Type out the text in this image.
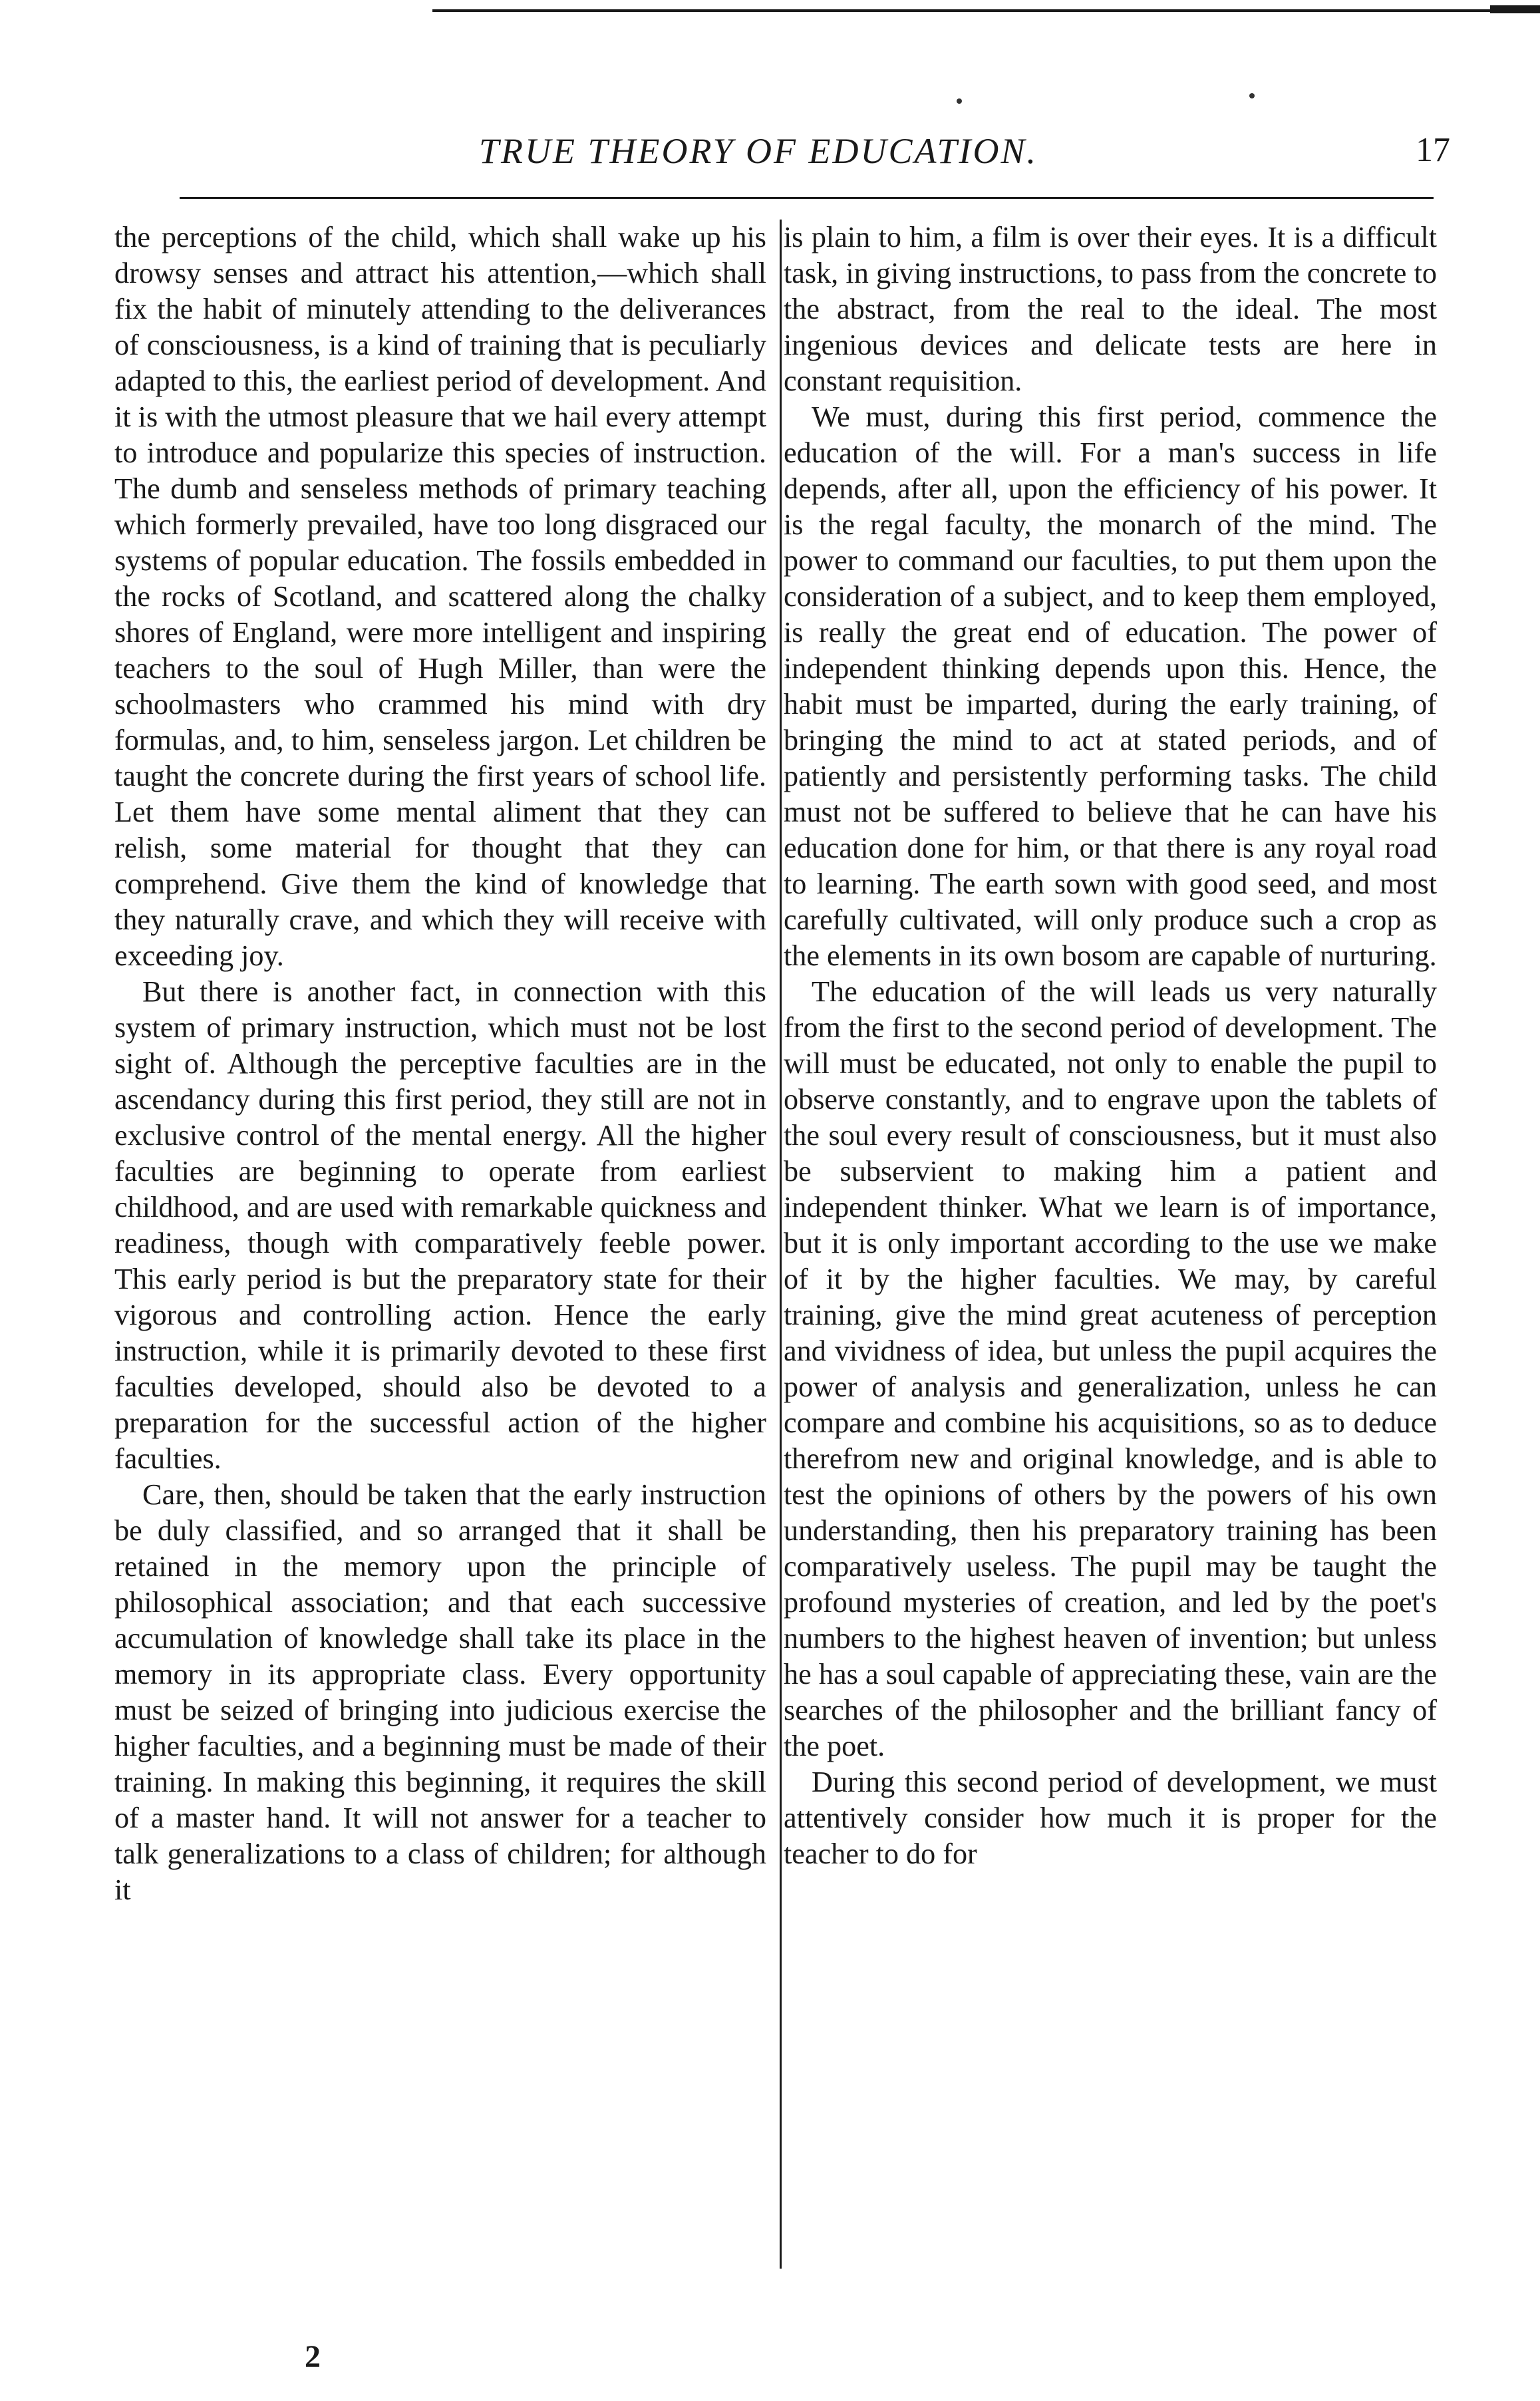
TRUE THEORY OF EDUCATION.	17

the perceptions of the child, which shall wake up his drowsy senses and attract his attention,—which shall fix the habit of minutely attending to the deliverances of consciousness, is a kind of training that is peculiarly adapted to this, the earliest period of development. And it is with the utmost pleasure that we hail every attempt to introduce and popularize this species of instruction. The dumb and senseless methods of primary teaching which formerly prevailed, have too long disgraced our systems of popular education. The fossils embedded in the rocks of Scotland, and scattered along the chalky shores of England, were more intelligent and inspiring teachers to the soul of Hugh Miller, than were the schoolmasters who crammed his mind with dry formulas, and, to him, senseless jargon. Let children be taught the concrete during the first years of school life. Let them have some mental aliment that they can relish, some material for thought that they can comprehend. Give them the kind of knowledge that they naturally crave, and which they will receive with exceeding joy.

But there is another fact, in connection with this system of primary instruction, which must not be lost sight of. Although the perceptive faculties are in the ascendancy during this first period, they still are not in exclusive control of the mental energy. All the higher faculties are beginning to operate from earliest childhood, and are used with remarkable quickness and readiness, though with comparatively feeble power. This early period is but the preparatory state for their vigorous and controlling action. Hence the early instruction, while it is primarily devoted to these first faculties developed, should also be devoted to a preparation for the successful action of the higher faculties.

Care, then, should be taken that the early instruction be duly classified, and so arranged that it shall be retained in the memory upon the principle of philosophical association; and that each successive accumulation of knowledge shall take its place in the memory in its appropriate class. Every opportunity must be seized of bringing into judicious exercise the higher faculties, and a beginning must be made of their training. In making this beginning, it requires the skill of a master hand. It will not answer for a teacher to talk generalizations to a class of children; for although it

is plain to him, a film is over their eyes. It is a difficult task, in giving instructions, to pass from the concrete to the abstract, from the real to the ideal. The most ingenious devices and delicate tests are here in constant requisition.

We must, during this first period, commence the education of the will. For a man's success in life depends, after all, upon the efficiency of his power. It is the regal faculty, the monarch of the mind. The power to command our faculties, to put them upon the consideration of a subject, and to keep them employed, is really the great end of education. The power of independent thinking depends upon this. Hence, the habit must be imparted, during the early training, of bringing the mind to act at stated periods, and of patiently and persistently performing tasks. The child must not be suffered to believe that he can have his education done for him, or that there is any royal road to learning. The earth sown with good seed, and most carefully cultivated, will only produce such a crop as the elements in its own bosom are capable of nurturing.

The education of the will leads us very naturally from the first to the second period of development. The will must be educated, not only to enable the pupil to observe constantly, and to engrave upon the tablets of the soul every result of consciousness, but it must also be subservient to making him a patient and independent thinker. What we learn is of importance, but it is only important according to the use we make of it by the higher faculties. We may, by careful training, give the mind great acuteness of perception and vividness of idea, but unless the pupil acquires the power of analysis and generalization, unless he can compare and combine his acquisitions, so as to deduce therefrom new and original knowledge, and is able to test the opinions of others by the powers of his own understanding, then his preparatory training has been comparatively useless. The pupil may be taught the profound mysteries of creation, and led by the poet's numbers to the highest heaven of invention; but unless he has a soul capable of appreciating these, vain are the searches of the philosopher and the brilliant fancy of the poet.

During this second period of development, we must attentively consider how much it is proper for the teacher to do for

2
